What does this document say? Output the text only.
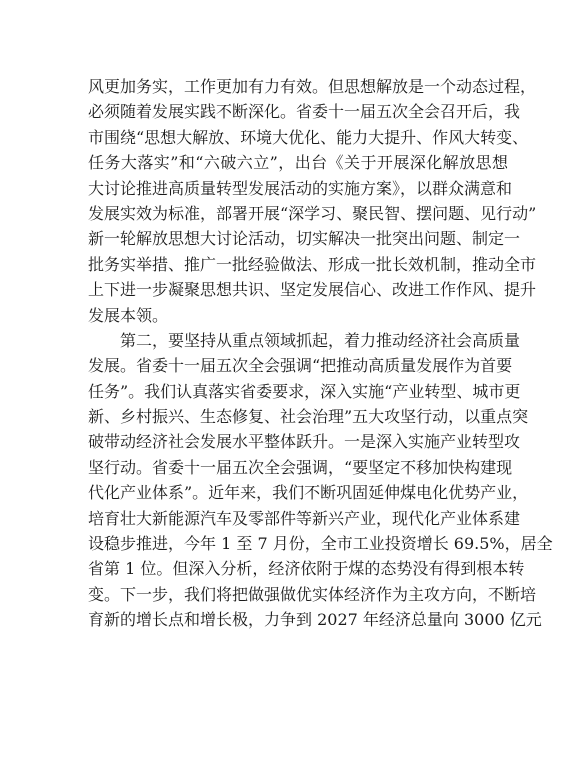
风更加务实，工作更加有力有效。但思想解放是一个动态过程，
必须随着发展实践不断深化。省委十一届五次全会召开后，我
市围绕“思想大解放、环境大优化、能力大提升、作风大转变、
任务大落实”和“六破六立”，出台《关于开展深化解放思想
大讨论推进高质量转型发展活动的实施方案》，以群众满意和
发展实效为标准，部署开展“深学习、聚民智、摆问题、见行动”
新一轮解放思想大讨论活动，切实解决一批突出问题、制定一
批务实举措、推广一批经验做法、形成一批长效机制，推动全市
上下进一步凝聚思想共识、坚定发展信心、改进工作作风、提升
发展本领。
　　第二，要坚持从重点领域抓起，着力推动经济社会高质量
发展。省委十一届五次全会强调“把推动高质量发展作为首要
任务”。我们认真落实省委要求，深入实施“产业转型、城市更
新、乡村振兴、生态修复、社会治理”五大攻坚行动，以重点突
破带动经济社会发展水平整体跃升。一是深入实施产业转型攻
坚行动。省委十一届五次全会强调，“要坚定不移加快构建现
代化产业体系”。近年来，我们不断巩固延伸煤电化优势产业，
培育壮大新能源汽车及零部件等新兴产业，现代化产业体系建
设稳步推进，今年 1 至 7 月份，全市工业投资增长 69.5%，居全
省第 1 位。但深入分析，经济依附于煤的态势没有得到根本转
变。下一步，我们将把做强做优实体经济作为主攻方向，不断培
育新的增长点和增长极，力争到 2027 年经济总量向 3000 亿元
